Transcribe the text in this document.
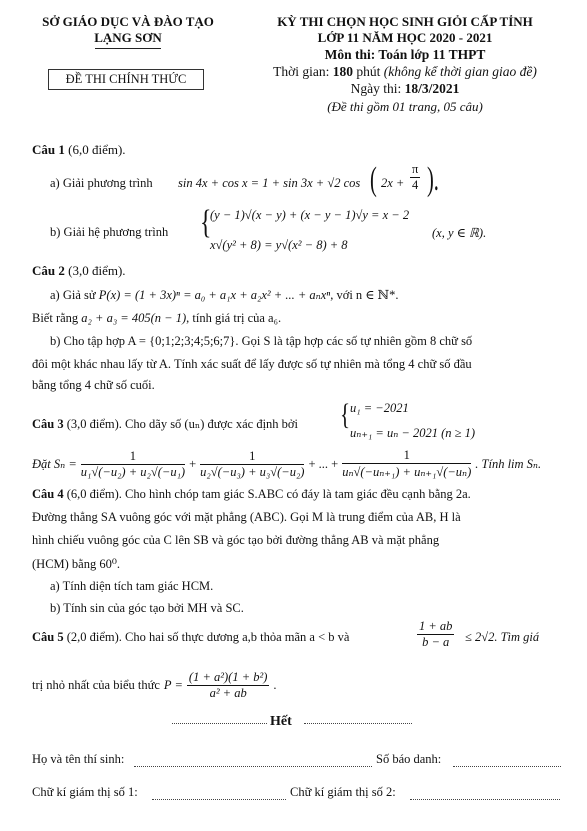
SỞ GIÁO DỤC VÀ ĐÀO TẠO
LẠNG SƠN
ĐỀ THI CHÍNH THỨC
KỲ THI CHỌN HỌC SINH GIỎI CẤP TỈNH
LỚP 11 NĂM HỌC 2020 - 2021
Môn thi: Toán lớp 11 THPT
Thời gian: 180 phút (không kể thời gian giao đề)
Ngày thi: 18/3/2021
(Đề thi gồm 01 trang, 05 câu)
Câu 1 (6,0 điểm).
a) Giải phương trình sin 4x + cos x = 1 + sin 3x + √2 cos ( $2x + \frac{\pi}{4}$ ).
b) Giải hệ phương trình {
(y − 1)√(x − y) + (x − y − 1)√y = x − 2
x√(y² + 8) = y√(x² − 8) + 8
(x, y ∈ ℝ).
Câu 2 (3,0 điểm).
a) Giả sử P(x) = (1 + 3x)ⁿ = a₀ + a₁x + a₂x² + ... + aₙxⁿ, với n ∈ ℕ*.
Biết rằng a₂ + a₃ = 405(n − 1), tính giá trị của a₆.
b) Cho tập hợp A = {0;1;2;3;4;5;6;7}. Gọi S là tập hợp các số tự nhiên gồm 8 chữ số
đôi một khác nhau lấy từ A. Tính xác suất để lấy được số tự nhiên mà tổng 4 chữ số đầu
bằng tổng 4 chữ số cuối.
Câu 3 (3,0 điểm). Cho dãy số (uₙ) được xác định bởi { u₁ = −2021
uₙ₊₁ = uₙ − 2021 (n ≥ 1)
Đặt $S_n = \frac{1}{\text{u₁√(−u₂) + u₂√(−u₁)}} + \frac{1}{\text{u₂√(−u₃) + u₃√(−u₂)}}$ + ... + $\frac{1}{\text{uₙ√(−uₙ₊₁) + uₙ₊₁√(−uₙ)}}$ . Tính lim Sₙ.
Câu 4 (6,0 điểm). Cho hình chóp tam giác S.ABC có đáy là tam giác đều cạnh bằng 2a.
Đường thẳng SA vuông góc với mặt phẳng (ABC). Gọi M là trung điểm của AB, H là
hình chiếu vuông góc của C lên SB và góc tạo bởi đường thẳng AB và mặt phẳng
(HCM) bằng 60⁰.
a) Tính diện tích tam giác HCM.
b) Tính sin của góc tạo bởi MH và SC.
Câu 5 (2,0 điểm). Cho hai số thực dương a,b thỏa mãn a < b và	$\frac{1 + ab}{b - a} \le 2√2$. Tìm giá
trị nhỏ nhất của biểu thức $P = \frac{\text{(1 + a²)(1 + b²)}}{\text{a² + ab}}$ .
Hết
Họ và tên thí sinh:	Số báo danh:
Chữ kí giám thị số 1:	Chữ kí giám thị số 2:
